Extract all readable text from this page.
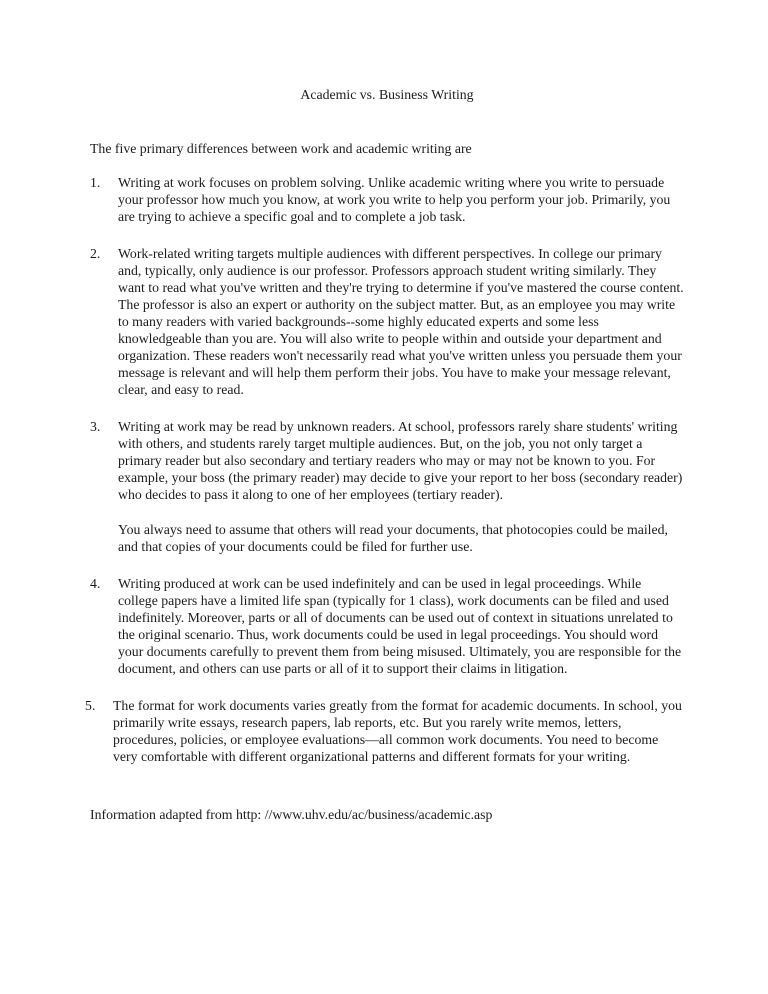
Academic vs. Business Writing

The five primary differences between work and academic writing are

1.	Writing at work focuses on problem solving. Unlike academic writing where you write to persuade your professor how much you know, at work you write to help you perform your job. Primarily, you are trying to achieve a specific goal and to complete a job task.

2.	Work-related writing targets multiple audiences with different perspectives. In college our primary and, typically, only audience is our professor. Professors approach student writing similarly. They want to read what you've written and they're trying to determine if you've mastered the course content. The professor is also an expert or authority on the subject matter. But, as an employee you may write to many readers with varied backgrounds--some highly educated experts and some less knowledgeable than you are. You will also write to people within and outside your department and organization. These readers won't necessarily read what you've written unless you persuade them your message is relevant and will help them perform their jobs. You have to make your message relevant, clear, and easy to read.

3.	Writing at work may be read by unknown readers. At school, professors rarely share students' writing with others, and students rarely target multiple audiences. But, on the job, you not only target a primary reader but also secondary and tertiary readers who may or may not be known to you. For example, your boss (the primary reader) may decide to give your report to her boss (secondary reader) who decides to pass it along to one of her employees (tertiary reader).

You always need to assume that others will read your documents, that photocopies could be mailed, and that copies of your documents could be filed for further use.

4.	Writing produced at work can be used indefinitely and can be used in legal proceedings. While college papers have a limited life span (typically for 1 class), work documents can be filed and used indefinitely. Moreover, parts or all of documents can be used out of context in situations unrelated to the original scenario. Thus, work documents could be used in legal proceedings. You should word your documents carefully to prevent them from being misused. Ultimately, you are responsible for the document, and others can use parts or all of it to support their claims in litigation.

5.	The format for work documents varies greatly from the format for academic documents. In school, you primarily write essays, research papers, lab reports, etc. But you rarely write memos, letters, procedures, policies, or employee evaluations—all common work documents. You need to become very comfortable with different organizational patterns and different formats for your writing.

Information adapted from http: //www.uhv.edu/ac/business/academic.asp
